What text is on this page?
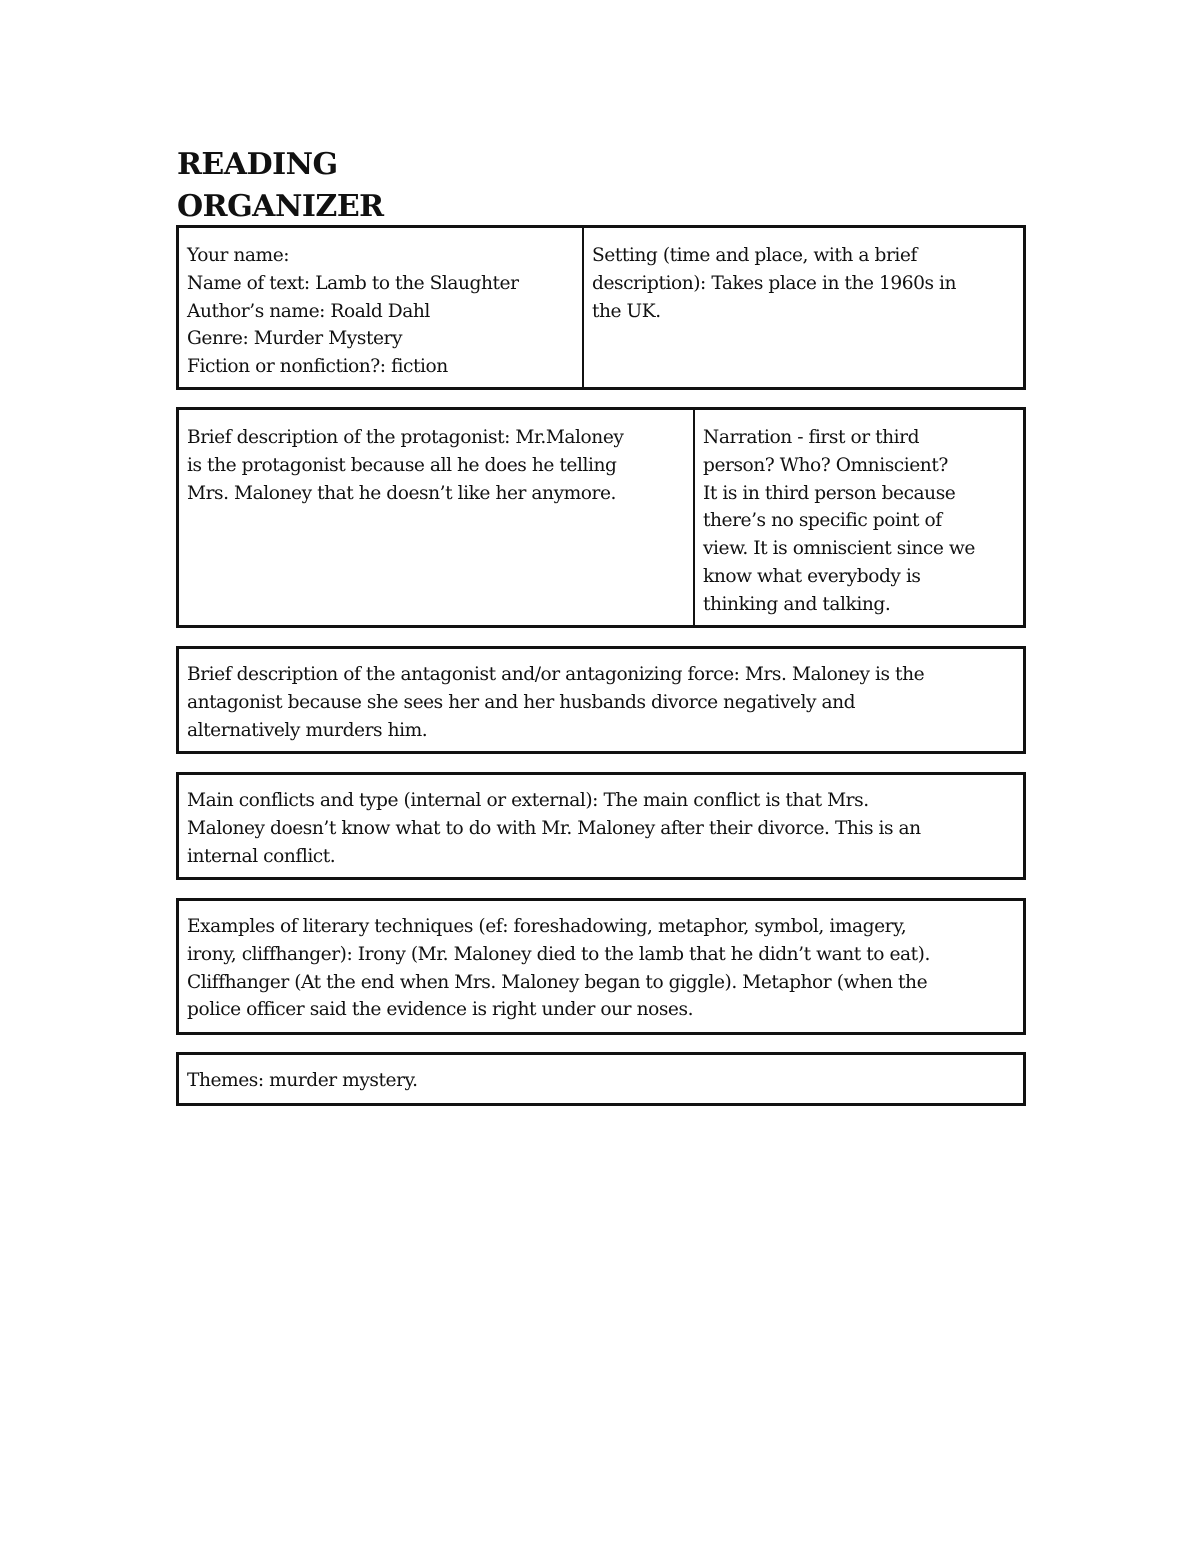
READING
ORGANIZER
Your name:
Name of text: Lamb to the Slaughter
Author’s name: Roald Dahl
Genre: Murder Mystery
Fiction or nonfiction?: fiction
Setting (time and place, with a brief
description): Takes place in the 1960s in
the UK.
Brief description of the protagonist: Mr.Maloney
is the protagonist because all he does he telling
Mrs. Maloney that he doesn’t like her anymore.
Narration - first or third
person? Who? Omniscient?
It is in third person because
there’s no specific point of
view. It is omniscient since we
know what everybody is
thinking and talking.
Brief description of the antagonist and/or antagonizing force: Mrs. Maloney is the
antagonist because she sees her and her husbands divorce negatively and
alternatively murders him.
Main conflicts and type (internal or external): The main conflict is that Mrs.
Maloney doesn’t know what to do with Mr. Maloney after their divorce. This is an
internal conflict.
Examples of literary techniques (ef: foreshadowing, metaphor, symbol, imagery,
irony, cliffhanger): Irony (Mr. Maloney died to the lamb that he didn’t want to eat).
Cliffhanger (At the end when Mrs. Maloney began to giggle). Metaphor (when the
police officer said the evidence is right under our noses.
Themes: murder mystery.
